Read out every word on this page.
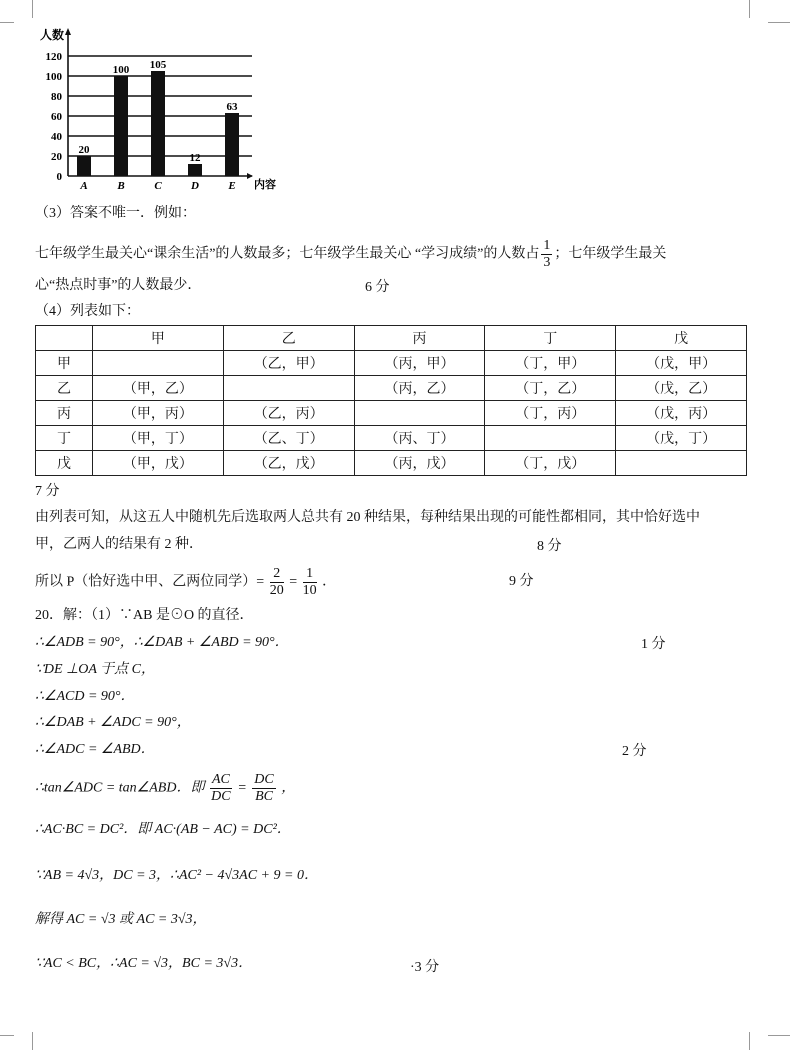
0
20
40
60
80
100
120
人数
内容
20
A
100
B
105
C
12
D
63
E
（3）答案不唯一．例如：
七年级学生最关心“课余生活”的人数最多；七年级学生最关心 “学习成绩”的人数占 $\frac{1}{3}$ ；七年级学生最关
心“热点时事”的人数最少．	6 分
（4）列表如下：
	甲	乙	丙	丁	戊
甲		（乙，甲）	（丙，甲）	（丁，甲）	（戊，甲）
乙	（甲，乙）		（丙，乙）	（丁，乙）	（戊，乙）
丙	（甲，丙）	（乙，丙）		（丁，丙）	（戊，丙）
丁	（甲，丁）	（乙、丁）	（丙、丁）		（戊，丁）
戊	（甲，戊）	（乙，戊）	（丙，戊）	（丁，戊）	
7 分
由列表可知，从这五人中随机先后选取两人总共有 20 种结果，每种结果出现的可能性都相同，其中恰好选中
甲，乙两人的结果有 2 种．	8 分
所以 P（恰好选中甲、乙两位同学）= $\frac{2}{20} = \frac{1}{10}$ ．	9 分
20．解：（1）∵AB 是⊙O 的直径．
∴∠ADB = 90°，∴∠DAB + ∠ABD = 90°．	1 分
∵DE ⊥OA 于点 C，
∴∠ACD = 90°．
∴∠DAB + ∠ADC = 90°，
∴∠ADC = ∠ABD．	2 分
∴tan∠ADC = tan∠ABD．即 $\frac{AC}{DC} = \frac{DC}{BC}$ ，
∴AC·BC = DC²．即 AC·(AB − AC) = DC²．
∵AB = 4√3，DC = 3，∴AC² − 4√3AC + 9 = 0．
解得 AC = √3 或 AC = 3√3，
∵AC < BC，∴AC = √3，BC = 3√3．	·3 分
